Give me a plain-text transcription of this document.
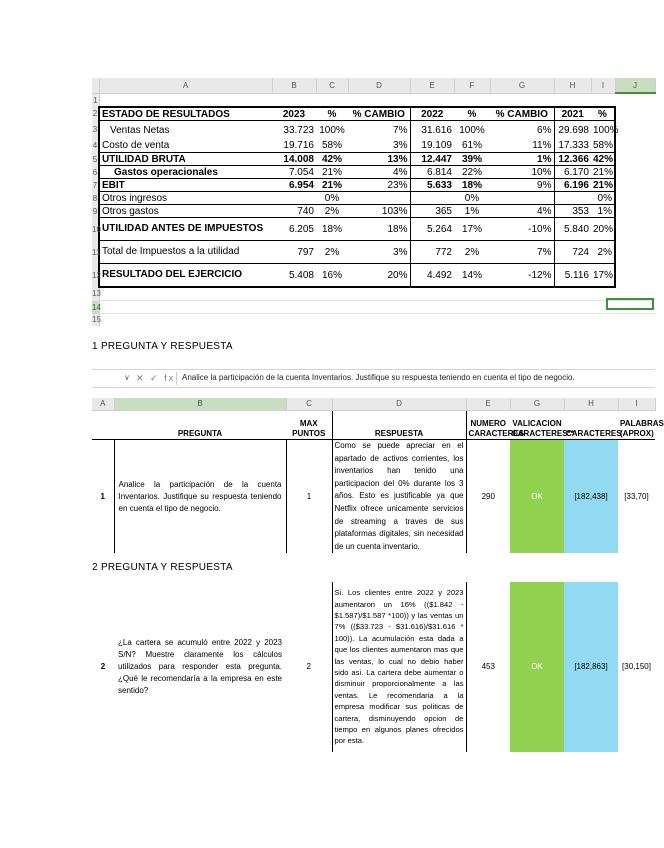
	A	B	C	D	E	F	G	H	I	J
1										
2	ESTADO DE RESULTADOS	2023	%	% CAMBIO	2022	%	% CAMBIO	2021	%	
3	Ventas Netas	33.723	100%	7%	31.616	100%	6%	29.698	100%	
4	Costo de venta	19.716	58%	3%	19.109	61%	11%	17.333	58%	
5	UTILIDAD BRUTA	14.008	42%	13%	12.447	39%	1%	12.366	42%	
6	Gastos operacionales	7.054	21%	4%	6.814	22%	10%	6.170	21%	
7	EBIT	6.954	21%	23%	5.633	18%	9%	6.196	21%	
8	Otros ingresos		0%			0%			0%	
9	Otros gastos	740	2%	103%	365	1%	4%	353	1%	
10	UTILIDAD ANTES DE IMPUESTOS	6.205	18%	18%	5.264	17%	-10%	5.840	20%	
11	Total de Impuestos a la utilidad	797	2%	3%	772	2%	7%	724	2%	
12	RESULTADO DEL EJERCICIO	5.408	16%	20%	4.492	14%	-12%	5.116	17%	
13										
14										
15										
1 PREGUNTA Y RESPUESTA
∨ ✕ ✓ fx Analice la participación de la cuenta Inventarios. Justifique su respuesta teniendo en cuenta el tipo de negocio.
A	B	C	D	E	G	H	I
	PREGUNTA	MAX PUNTOS	RESPUESTA	NUMERO CARACTERES	VALICACION CARACTERES**	CARACTERES	PALABRAS (APROX)
1	Analice la participación de la cuenta Inventarios. Justifique su respuesta teniendo en cuenta el tipo de negocio.	1	Como se puede apreciar en el apartado de activos corrientes, los inventarios han tenido una participacion del 0% durante los 3 años. Esto es justificable ya que Netflix ofrece unicamente servicios de streaming a traves de sus plataformas digitales, sin necesidad de un cuenta inventario.	290	OK	[182,438]	[33,70]
2 PREGUNTA Y RESPUESTA
2	¿La cartera se acumuló entre 2022 y 2023 S/N? Muestre claramente los cálculos utilizados para responder esta pregunta. ¿Qué le recomendaría a la empresa en este sentido?	2	Si. Los clientes entre 2022 y 2023 aumentaron un 16% (($1.842 - $1.587)/$1.587 *100)) y las ventas un 7% (($33.723 - $31.616)/$31.616 * 100)). La acumulación esta dada a que los clientes aumentaron mas que las ventas, lo cual no debio haber sido asi. La cartera debe aumentar o disminuir proporcionalmente a las ventas. Le recomendaria a la empresa modificar sus politicas de cartera, disminuyendo opcion de tiempo en algunos planes ofrecidos por esta.	453	OK	[182,863]	[30,150]
